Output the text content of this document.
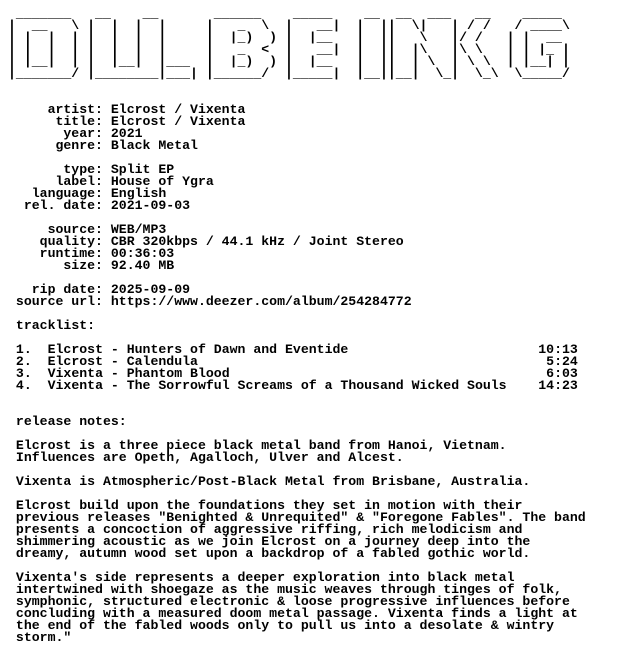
_______   __    __       ______    _____    __  __  ___   __    _____
|  __   \ |  |  |  |     |   _  \  |   __|  |  ||  \|   | / /   / ____\
| |  |  | |  |  |  |     |  |_)  ) |  |__   |  ||   \   |/ /   | |  __
| |  |  | |  |  |  |     |   _  <  |   __|  |  ||  |\   |\ \   | | |_ |
| |__|  | |  |__|  |___  |  |_)  ) |  |__   |  ||  | \  | \ \  | |__| |
|_______/ |________|___| |______/  |_____|  |__||__|  \_|  \_\  \_____/
artist: Elcrost / Vixenta
title: Elcrost / Vixenta
year: 2021
genre: Black Metal
type: Split EP
label: House of Ygra
language: English
rel. date: 2021-09-03
source: WEB/MP3
quality: CBR 320kbps / 44.1 kHz / Joint Stereo
runtime: 00:36:03
size: 92.40 MB
rip date: 2025-09-09
source url: https://www.deezer.com/album/254284772
tracklist:
1.  Elcrost - Hunters of Dawn and Eventide                        10:13
2.  Elcrost - Calendula                                            5:24
3.  Vixenta - Phantom Blood                                        6:03
4.  Vixenta - The Sorrowful Screams of a Thousand Wicked Souls    14:23
release notes:
Elcrost is a three piece black metal band from Hanoi, Vietnam.
Influences are Opeth, Agalloch, Ulver and Alcest.
Vixenta is Atmospheric/Post-Black Metal from Brisbane, Australia.
Elcrost build upon the foundations they set in motion with their
previous releases "Benighted & Unrequited" & "Foregone Fables". The band
presents a concoction of aggressive riffing, rich melodicism and
shimmering acoustic as we join Elcrost on a journey deep into the
dreamy, autumn wood set upon a backdrop of a fabled gothic world.
Vixenta's side represents a deeper exploration into black metal
intertwined with shoegaze as the music weaves through tinges of folk,
symphonic, structured electronic & loose progressive influences before
concluding with a measured doom metal passage. Vixenta finds a light at
the end of the fabled woods only to pull us into a desolate & wintry
storm."
